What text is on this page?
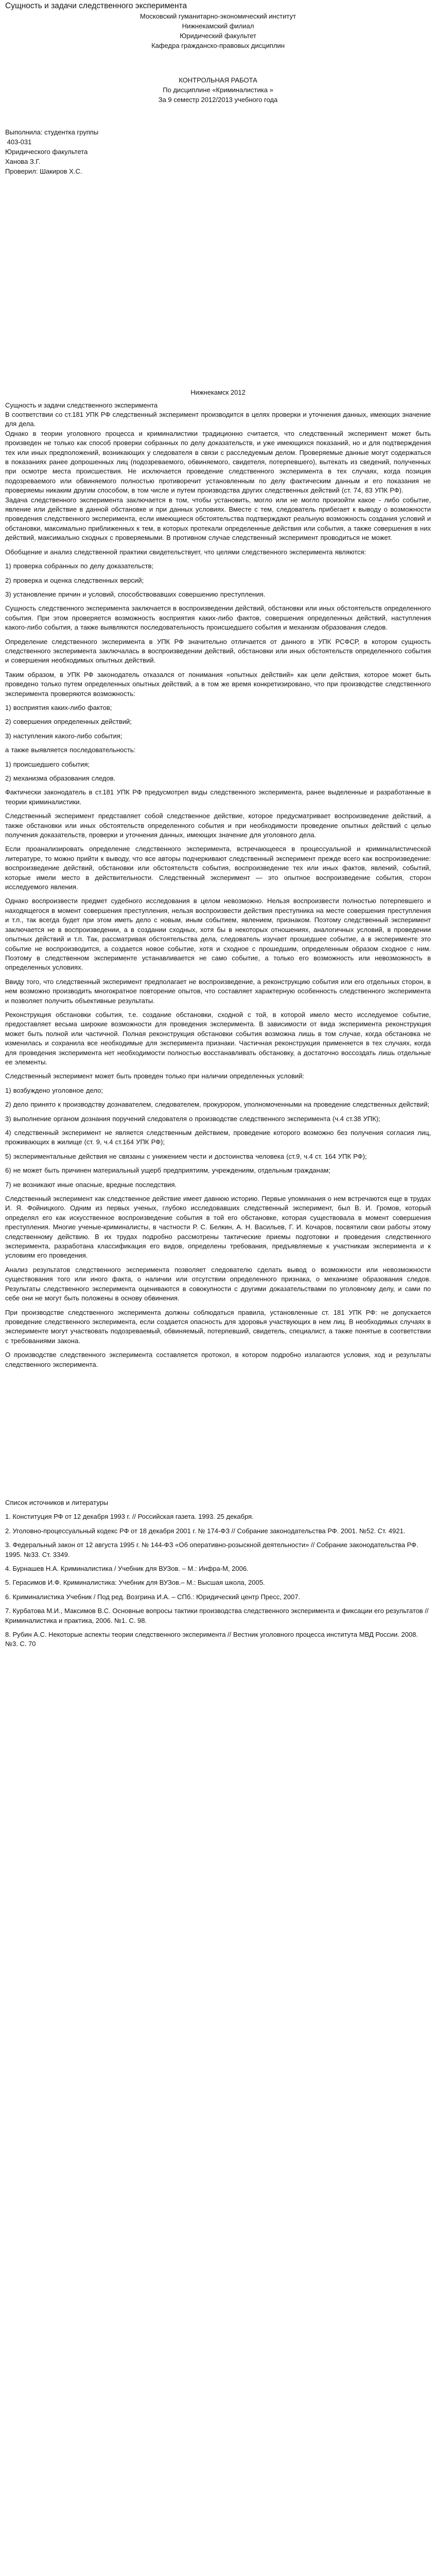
Сущность и задачи следственного эксперимента
Московский гуманитарно-экономический институт
Нижнекамский филиал
Юридический факультет
Кафедра гражданско-правовых дисциплин
КОНТРОЛЬНАЯ РАБОТА
По дисциплине «Криминалистика »
За 9 семестр 2012/2013 учебного года
Выполнила: студентка группы
403-031
Юридического факультета
Ханова З.Г.
Проверил: Шакиров Х.С.
Нижнекамск 2012
Сущность и задачи следственного эксперимента

В соответствии со ст.181 УПК РФ следственный эксперимент производится в целях проверки и уточнения данных, имеющих значение для дела.

Однако в теории уголовного процесса и криминалистики традиционно считается, что следственный эксперимент может быть произведен не только как способ проверки собранных по делу доказательств, и уже имеющихся показаний, но и для подтверждения тех или иных предположений, возникающих у следователя в связи с расследуемым делом. Проверяемые данные могут содержаться в показаниях ранее допрошенных лиц (подозреваемого, обвиняемого, свидетеля, потерпевшего), вытекать из сведений, полученных при осмотре места происшествия. Не исключается проведение следственного эксперимента в тех случаях, когда позиция подозреваемого или обвиняемого полностью противоречит установленным по делу фактическим данным и его показания не проверяемы никаким другим способом, в том числе и путем производства других следственных действий (ст. 74, 83 УПК РФ).

Задача следственного эксперимента заключается в том, чтобы установить, могло или не могло произойти какое - либо событие, явление или действие в данной обстановке и при данных условиях. Вместе с тем, следователь прибегает к выводу о возможности проведения следственного эксперимента, если имеющиеся обстоятельства подтверждают реальную возможность создания условий и обстановки, максимально приближенных к тем, в которых протекали определенные действия или события, а также совершения в них действий, максимально сходных с проверяемыми. В противном случае следственный эксперимент проводиться не может.

Обобщение и анализ следственной практики свидетельствует, что целями следственного эксперимента являются:

1) проверка собранных по делу доказательств;

2) проверка и оценка следственных версий;

3) установление причин и условий, способствовавших совершению преступления.

Сущность следственного эксперимента заключается в воспроизведении действий, обстановки или иных обстоятельств определенного события. При этом проверяется возможность восприятия каких-либо фактов, совершения определенных действий, наступления какого-либо события, а также выявляются последовательность происшедшего события и механизм образования следов.

Определение следственного эксперимента в УПК РФ значительно отличается от данного в УПК РСФСР, в котором сущность следственного эксперимента заключалась в воспроизведении действий, обстановки или иных обстоятельств определенного события и совершения необходимых опытных действий.

Таким образом, в УПК РФ законодатель отказался от понимания «опытных действий» как цели действия, которое может быть проведено только путем определенных опытных действий, а в том же время конкретизировано, что при производстве следственного эксперимента проверяются возможность:

1) восприятия каких-либо фактов;

2) совершения определенных действий;

3) наступления какого-либо события;

а также выявляется последовательность:

1) происшедшего события;

2) механизма образования следов.

Фактически законодатель в ст.181 УПК РФ предусмотрел виды следственного эксперимента, ранее выделенные и разработанные в теории криминалистики.

Следственный эксперимент представляет собой следственное действие, которое предусматривает воспроизведение действий, а также обстановки или иных обстоятельств определенного события и при необходимости проведение опытных действий с целью получения доказательств, проверки и уточнения данных, имеющих значение для уголовного дела.

Если проанализировать определение следственного эксперимента, встречающееся в процессуальной и криминалистической литературе, то можно прийти к выводу, что все авторы подчеркивают следственный эксперимент прежде всего как воспроизведение: воспроизведение действий, обстановки или обстоятельств события, воспроизведение тех или иных фактов, явлений, событий, которые имели место в действительности. Следственный эксперимент — это опытное воспроизведение события, сторон исследуемого явления.

Однако воспроизвести предмет судебного исследования в целом невозможно. Нельзя воспроизвести полностью потерпевшего и находящегося в момент совершения преступления, нельзя воспроизвести действия преступника на месте совершения преступления и т.п., так всегда будет при этом иметь дело с новым, иным событием, явлением, признаком. Поэтому следственный эксперимент заключается не в воспроизведении, а в создании сходных, хотя бы в некоторых отношениях, аналогичных условий, в проведении опытных действий и т.п. Так, рассматривая обстоятельства дела, следователь изучает прошедшее событие, а в эксперименте это событие не воспроизводится, а создается новое событие, хотя и сходное с прошедшим, определенным образом сходное с ним. Поэтому в следственном эксперименте устанавливается не само событие, а только его возможность или невозможность в определенных условиях.

Ввиду того, что следственный эксперимент предполагает не воспроизведение, а реконструкцию события или его отдельных сторон, в нем возможно производить многократное повторение опытов, что составляет характерную особенность следственного эксперимента и позволяет получить объективные результаты.

Реконструкция обстановки события, т.е. создание обстановки, сходной с той, в которой имело место исследуемое событие, предоставляет весьма широкие возможности для проведения эксперимента. В зависимости от вида эксперимента реконструкция может быть полной или частичной. Полная реконструкция обстановки события возможна лишь в том случае, когда обстановка не изменилась и сохранила все необходимые для эксперимента признаки. Частичная реконструкция применяется в тех случаях, когда для проведения эксперимента нет необходимости полностью восстанавливать обстановку, а достаточно воссоздать лишь отдельные ее элементы.

Следственный эксперимент может быть проведен только при наличии определенных условий:

1) возбуждено уголовное дело;

2) дело принято к производству дознавателем, следователем, прокурором, уполномоченными на проведение следственных действий;

3) выполнение органом дознания поручений следователя о производстве следственного эксперимента (ч.4 ст.38 УПК);

4) следственный эксперимент не является следственным действием, проведение которого возможно без получения согласия лиц, проживающих в жилище (ст. 9, ч.4 ст.164 УПК РФ);

5) экспериментальные действия не связаны с унижением чести и достоинства человека (ст.9, ч.4 ст. 164 УПК РФ);

6) не может быть причинен материальный ущерб предприятиям, учреждениям, отдельным гражданам;

7) не возникают иные опасные, вредные последствия.

Следственный эксперимент как следственное действие имеет давнюю историю. Первые упоминания о нем встречаются еще в трудах И. Я. Фойницкого. Одним из первых ученых, глубоко исследовавших следственный эксперимент, был В. И. Громов, который определял его как искусственное воспроизведение события в той его обстановке, которая существовала в момент совершения преступления. Многие ученые-криминалисты, в частности Р. С. Белкин, А. Н. Васильев, Г. И. Кочаров, посвятили свои работы этому следственному действию. В их трудах подробно рассмотрены тактические приемы подготовки и проведения следственного эксперимента, разработана классификация его видов, определены требования, предъявляемые к участникам эксперимента и к условиям его проведения.

Анализ результатов следственного эксперимента позволяет следователю сделать вывод о возможности или невозможности существования того или иного факта, о наличии или отсутствии определенного признака, о механизме образования следов. Результаты следственного эксперимента оцениваются в совокупности с другими доказательствами по уголовному делу, и сами по себе они не могут быть положены в основу обвинения.

При производстве следственного эксперимента должны соблюдаться правила, установленные ст. 181 УПК РФ: не допускается проведение следственного эксперимента, если создается опасность для здоровья участвующих в нем лиц. В необходимых случаях в эксперименте могут участвовать подозреваемый, обвиняемый, потерпевший, свидетель, специалист, а также понятые в соответствии с требованиями закона.

О производстве следственного эксперимента составляется протокол, в котором подробно излагаются условия, ход и результаты следственного эксперимента.

Список источников и литературы
1. Конституция РФ от 12 декабря 1993 г. // Российская газета. 1993. 25 декабря.
2. Уголовно-процессуальный кодекс РФ от 18 декабря 2001 г. № 174-ФЗ // Собрание законодательства РФ. 2001. №52. Ст. 4921.
3. Федеральный закон от 12 августа 1995 г. № 144-ФЗ «Об оперативно-розыскной деятельности» // Собрание законодательства РФ. 1995. №33. Ст. 3349.
4. Бурнашев Н.А. Криминалистика / Учебник для ВУЗов. – М.: Инфра-М, 2006.
5. Герасимов И.Ф. Криминалистика: Учебник для ВУЗов.– М.: Высшая школа, 2005.
6. Криминалистика Учебник / Под ред. Возгрина И.А. – СПб.: Юридический центр Пресс, 2007.
7. Курбатова М.И., Максимов В.С. Основные вопросы тактики производства следственного эксперимента и фиксации его результатов // Криминалистика и практика, 2006. №1. С. 98.
8. Рубин А.С. Некоторые аспекты теории следственного эксперимента // Вестник уголовного процесса института МВД России. 2008. №3. С. 70
